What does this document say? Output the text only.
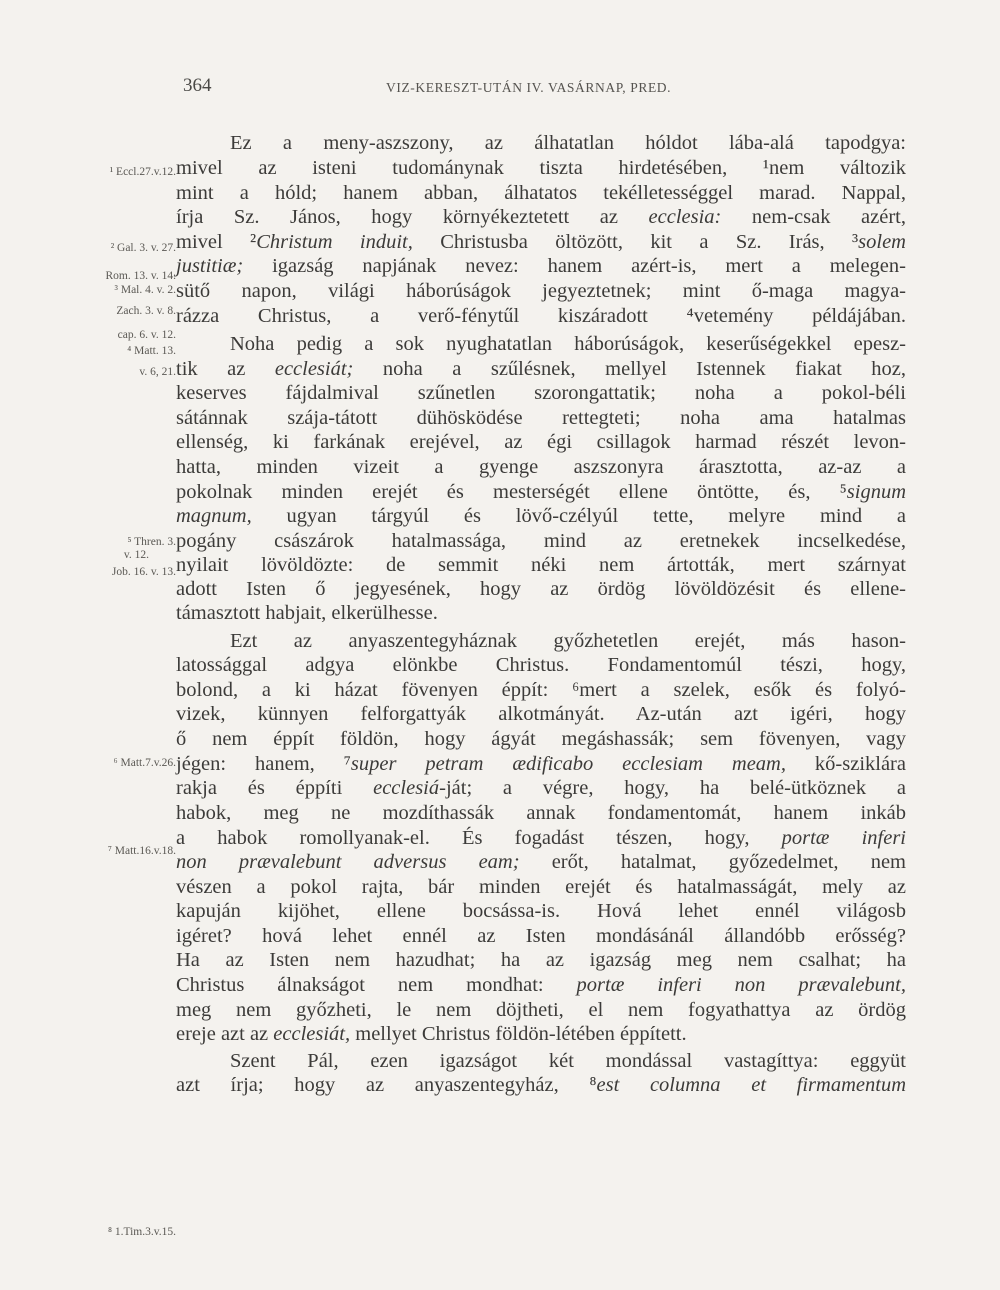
364	VIZ-KERESZT-UTÁN IV. VASÁRNAP, PRED.
¹ Eccl.27.v.12.
² Gal. 3. v. 27.
Rom. 13. v. 14.
³ Mal. 4. v. 2.
Zach. 3. v. 8.
cap. 6. v. 12.
⁴ Matt. 13.
v. 6, 21.
⁵ Thren. 3.
v. 12.
Job. 16. v. 13.
⁶ Matt.7.v.26.
⁷ Matt.16.v.18.
⁸ 1.Tim.3.v.15.
Ez a meny-aszszony, az álhatatlan hóldot lába-alá tapodgya:
mivel az isteni tudománynak tiszta hirdetésében, ¹nem változik
mint a hóld; hanem abban, álhatatos tekélletességgel marad. Nappal,
írja Sz. János, hogy környékeztetett az ecclesia: nem-csak azért,
mivel ²Christum induit, Christusba öltözött, kit a Sz. Irás, ³solem
justitiæ; igazság napjának nevez: hanem azért-is, mert a melegen-
sütő napon, világi háborúságok jegyeztetnek; mint ő-maga magya-
rázza Christus, a verő-fénytűl kiszáradott ⁴vetemény példájában.
Noha pedig a sok nyughatatlan háborúságok, keserűségekkel epesz-
tik az ecclesiát; noha a szűlésnek, mellyel Istennek fiakat hoz,
keserves fájdalmival szűnetlen szorongattatik; noha a pokol-béli
sátánnak szája-tátott dühösködése rettegteti; noha ama hatalmas
ellenség, ki farkának erejével, az égi csillagok harmad részét levon-
hatta, minden vizeit a gyenge aszszonyra árasztotta, az-az a
pokolnak minden erejét és mesterségét ellene öntötte, és, ⁵signum
magnum, ugyan tárgyúl és lövő-czélyúl tette, melyre mind a
pogány császárok hatalmassága, mind az eretnekek incselkedése,
nyilait lövöldözte: de semmit néki nem ártották, mert szárnyat
adott Isten ő jegyesének, hogy az ördög lövöldözésit és ellene-
támasztott habjait, elkerülhesse.
Ezt az anyaszentegyháznak győzhetetlen erejét, más hason-
latossággal adgya elönkbe Christus. Fondamentomúl tészi, hogy,
bolond, a ki házat fövenyen éppít: ⁶mert a szelek, esők és folyó-
vizek, künnyen felforgattyák alkotmányát. Az-után azt igéri, hogy
ő nem éppít földön, hogy ágyát megáshassák; sem fövenyen, vagy
jégen: hanem, ⁷super petram ædificabo ecclesiam meam, kő-sziklára
rakja és éppíti ecclesiá-ját; a végre, hogy, ha belé-ütköznek a
habok, meg ne mozdíthassák annak fondamentomát, hanem inkáb
a habok romollyanak-el. És fogadást tészen, hogy, portæ inferi
non prævalebunt adversus eam; erőt, hatalmat, győzedelmet, nem
vészen a pokol rajta, bár minden erejét és hatalmasságát, mely az
kapuján kijöhet, ellene bocsássa-is. Hová lehet ennél világosb
igéret? hová lehet ennél az Isten mondásánál állandóbb erősség?
Ha az Isten nem hazudhat; ha az igazság meg nem csalhat; ha
Christus álnakságot nem mondhat: portæ inferi non prævalebunt,
meg nem győzheti, le nem döjtheti, el nem fogyathattya az ördög
ereje azt az ecclesiát, mellyet Christus földön-létében éppített.
Szent Pál, ezen igazságot két mondással vastagíttya: eggyüt
azt írja; hogy az anyaszentegyház, ⁸est columna et firmamentum
